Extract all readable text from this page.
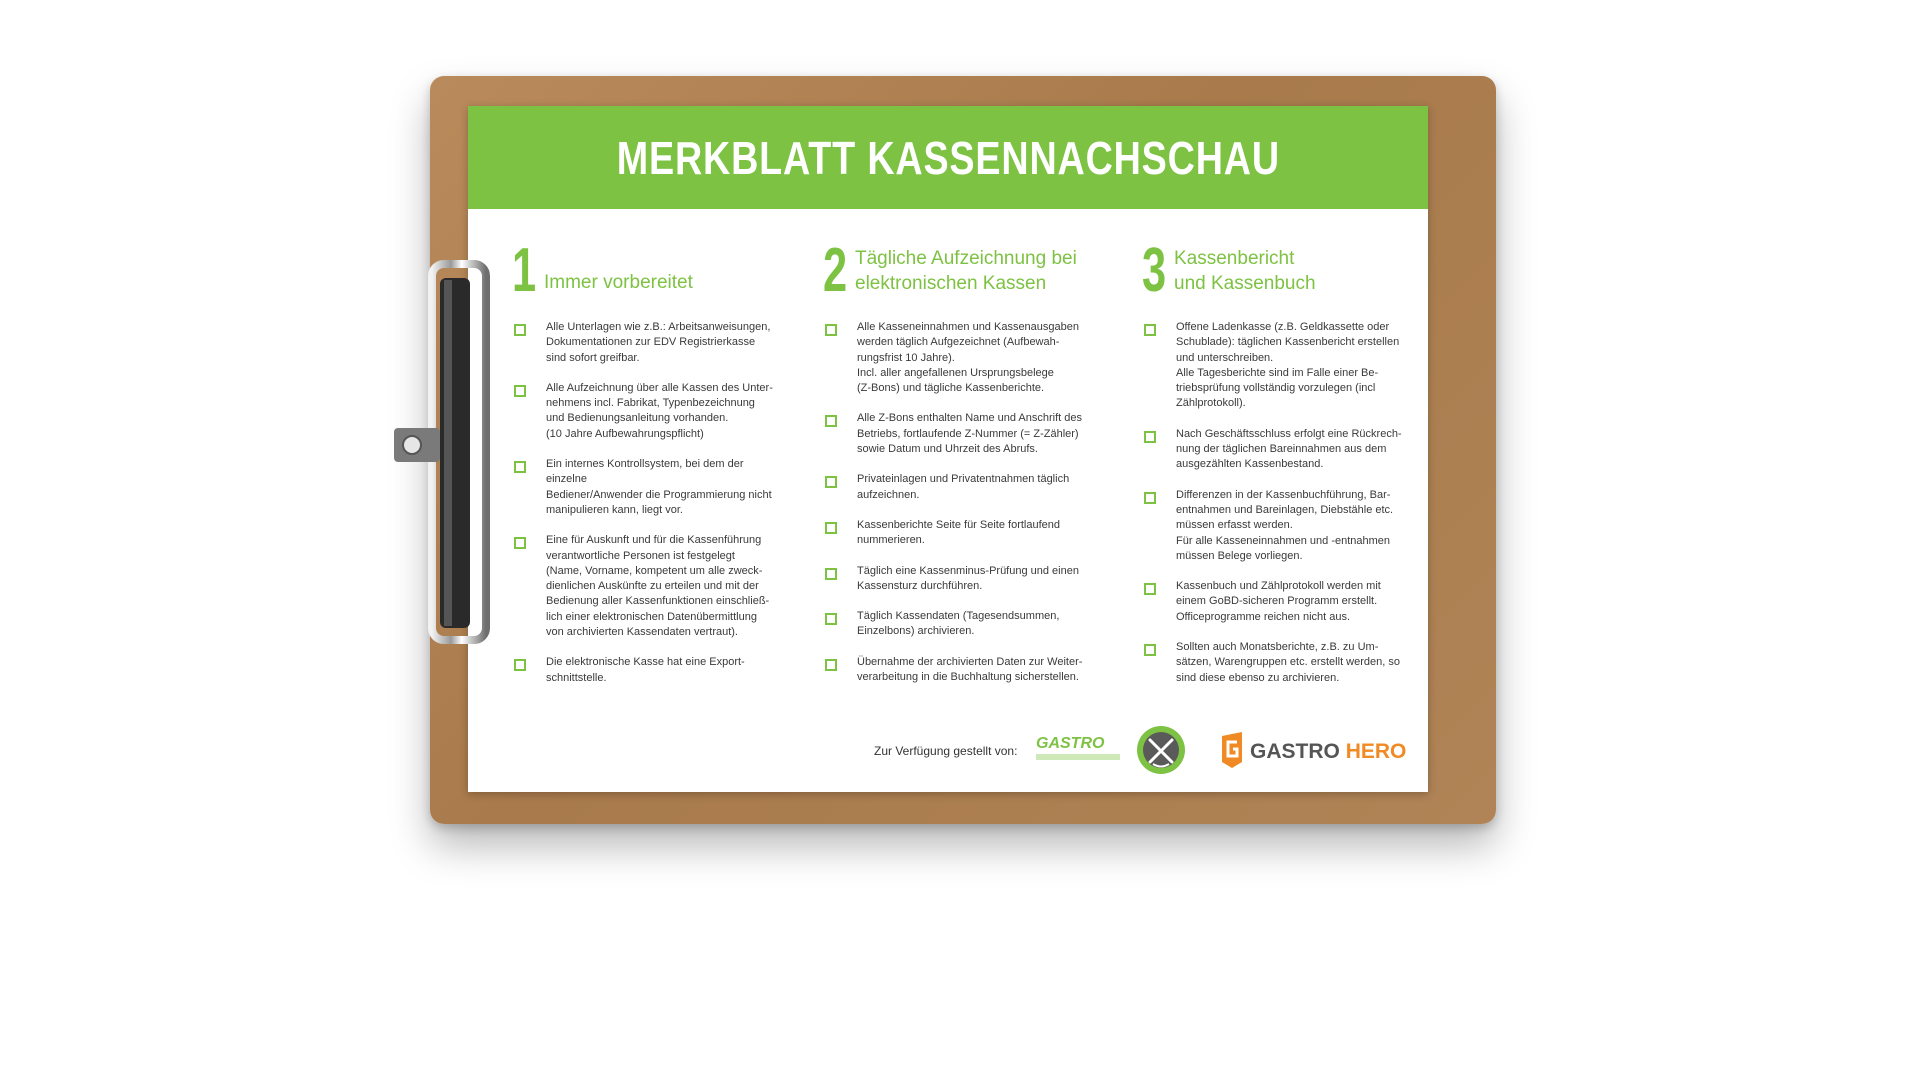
MERKBLATT KASSENNACHSCHAU
1 Immer vorbereitet
Alle Unterlagen wie z.B.: Arbeitsanweisungen,
Dokumentationen zur EDV Registrierkasse
sind sofort greifbar.
Alle Aufzeichnung über alle Kassen des Unter-
nehmens incl. Fabrikat, Typenbezeichnung
und Bedienungsanleitung vorhanden.
(10 Jahre Aufbewahrungspflicht)
Ein internes Kontrollsystem, bei dem der
einzelne
Bediener/Anwender die Programmierung nicht
manipulieren kann, liegt vor.
Eine für Auskunft und für die Kassenführung
verantwortliche Personen ist festgelegt
(Name, Vorname, kompetent um alle zweck-
dienlichen Auskünfte zu erteilen und mit der
Bedienung aller Kassenfunktionen einschließ-
lich einer elektronischen Datenübermittlung
von archivierten Kassendaten vertraut).
Die elektronische Kasse hat eine Export-
schnittstelle.
2 Tägliche Aufzeichnung bei
elektronischen Kassen
Alle Kasseneinnahmen und Kassenausgaben
werden täglich Aufgezeichnet (Aufbewah-
rungsfrist 10 Jahre).
Incl. aller angefallenen Ursprungsbelege
(Z-Bons) und tägliche Kassenberichte.
Alle Z-Bons enthalten Name und Anschrift des
Betriebs, fortlaufende Z-Nummer (= Z-Zähler)
sowie Datum und Uhrzeit des Abrufs.
Privateinlagen und Privatentnahmen täglich
aufzeichnen.
Kassenberichte Seite für Seite fortlaufend
nummerieren.
Täglich eine Kassenminus-Prüfung und einen
Kassensturz durchführen.
Täglich Kassendaten (Tagesendsummen,
Einzelbons) archivieren.
Übernahme der archivierten Daten zur Weiter-
verarbeitung in die Buchhaltung sicherstellen.
3 Kassenbericht
und Kassenbuch
Offene Ladenkasse (z.B. Geldkassette oder
Schublade): täglichen Kassenbericht erstellen
und unterschreiben.
Alle Tagesberichte sind im Falle einer Be-
triebsprüfung vollständig vorzulegen (incl
Zählprotokoll).
Nach Geschäftsschluss erfolgt eine Rückrech-
nung der täglichen Bareinnahmen aus dem
ausgezählten Kassenbestand.
Differenzen in der Kassenbuchführung, Bar-
entnahmen und Bareinlagen, Diebstähle etc.
müssen erfasst werden.
Für alle Kasseneinnahmen und -entnahmen
müssen Belege vorliegen.
Kassenbuch und Zählprotokoll werden mit
einem GoBD-sicheren Programm erstellt.
Officeprogramme reichen nicht aus.
Sollten auch Monatsberichte, z.B. zu Um-
sätzen, Warengruppen etc. erstellt werden, so
sind diese ebenso zu archivieren.
Zur Verfügung gestellt von: GASTRO	GASTRO HERO
